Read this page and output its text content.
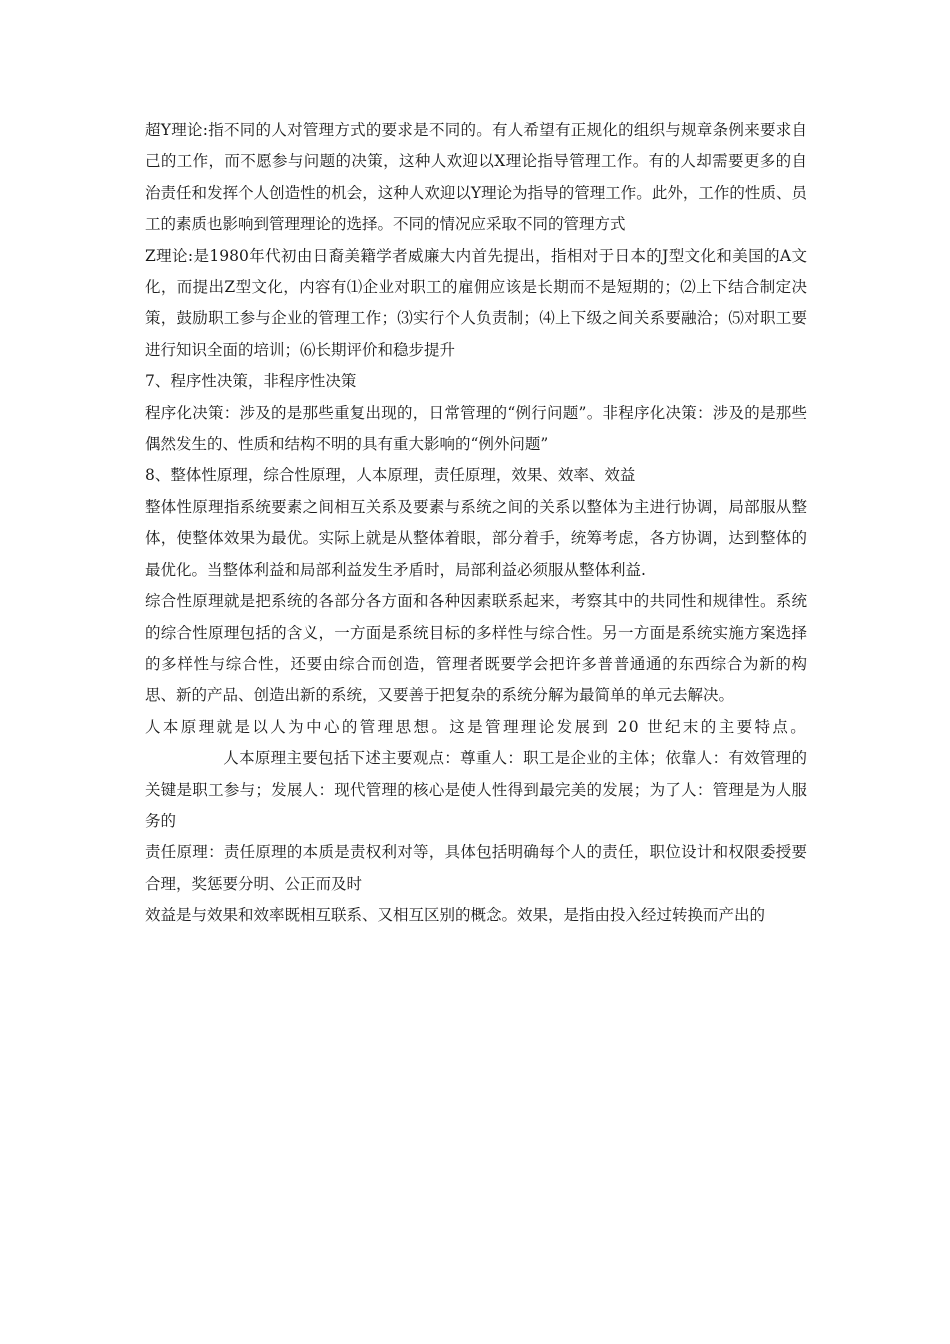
超Y理论:指不同的人对管理方式的要求是不同的。有人希望有正规化的组织与规章条例来要求自己的工作，而不愿参与问题的决策，这种人欢迎以X理论指导管理工作。有的人却需要更多的自治责任和发挥个人创造性的机会，这种人欢迎以Y理论为指导的管理工作。此外，工作的性质、员工的素质也影响到管理理论的选择。不同的情况应采取不同的管理方式

Z理论:是1980年代初由日裔美籍学者威廉大内首先提出，指相对于日本的J型文化和美国的A文化，而提出Z型文化，内容有⑴企业对职工的雇佣应该是长期而不是短期的；⑵上下结合制定决策，鼓励职工参与企业的管理工作；⑶实行个人负责制；⑷上下级之间关系要融洽；⑸对职工要进行知识全面的培训；⑹长期评价和稳步提升

7、程序性决策，非程序性决策

程序化决策：涉及的是那些重复出现的，日常管理的“例行问题”。非程序化决策：涉及的是那些偶然发生的、性质和结构不明的具有重大影响的“例外问题”

8、整体性原理，综合性原理，人本原理，责任原理，效果、效率、效益

整体性原理指系统要素之间相互关系及要素与系统之间的关系以整体为主进行协调，局部服从整体，使整体效果为最优。实际上就是从整体着眼，部分着手，统筹考虑，各方协调，达到整体的最优化。当整体利益和局部利益发生矛盾时，局部利益必须服从整体利益.

综合性原理就是把系统的各部分各方面和各种因素联系起来，考察其中的共同性和规律性。系统的综合性原理包括的含义，一方面是系统目标的多样性与综合性。另一方面是系统实施方案选择的多样性与综合性，还要由综合而创造，管理者既要学会把许多普普通通的东西综合为新的构思、新的产品、创造出新的系统，又要善于把复杂的系统分解为最简单的单元去解决。

人本原理就是以人为中心的管理思想。这是管理理论发展到 20 世纪末的主要特点。人本原理主要包括下述主要观点：尊重人：职工是企业的主体；依靠人：有效管理的关键是职工参与；发展人：现代管理的核心是使人性得到最完美的发展；为了人：管理是为人服务的

责任原理：责任原理的本质是责权利对等，具体包括明确每个人的责任，职位设计和权限委授要合理，奖惩要分明、公正而及时

效益是与效果和效率既相互联系、又相互区别的概念。效果，是指由投入经过转换而产出的
